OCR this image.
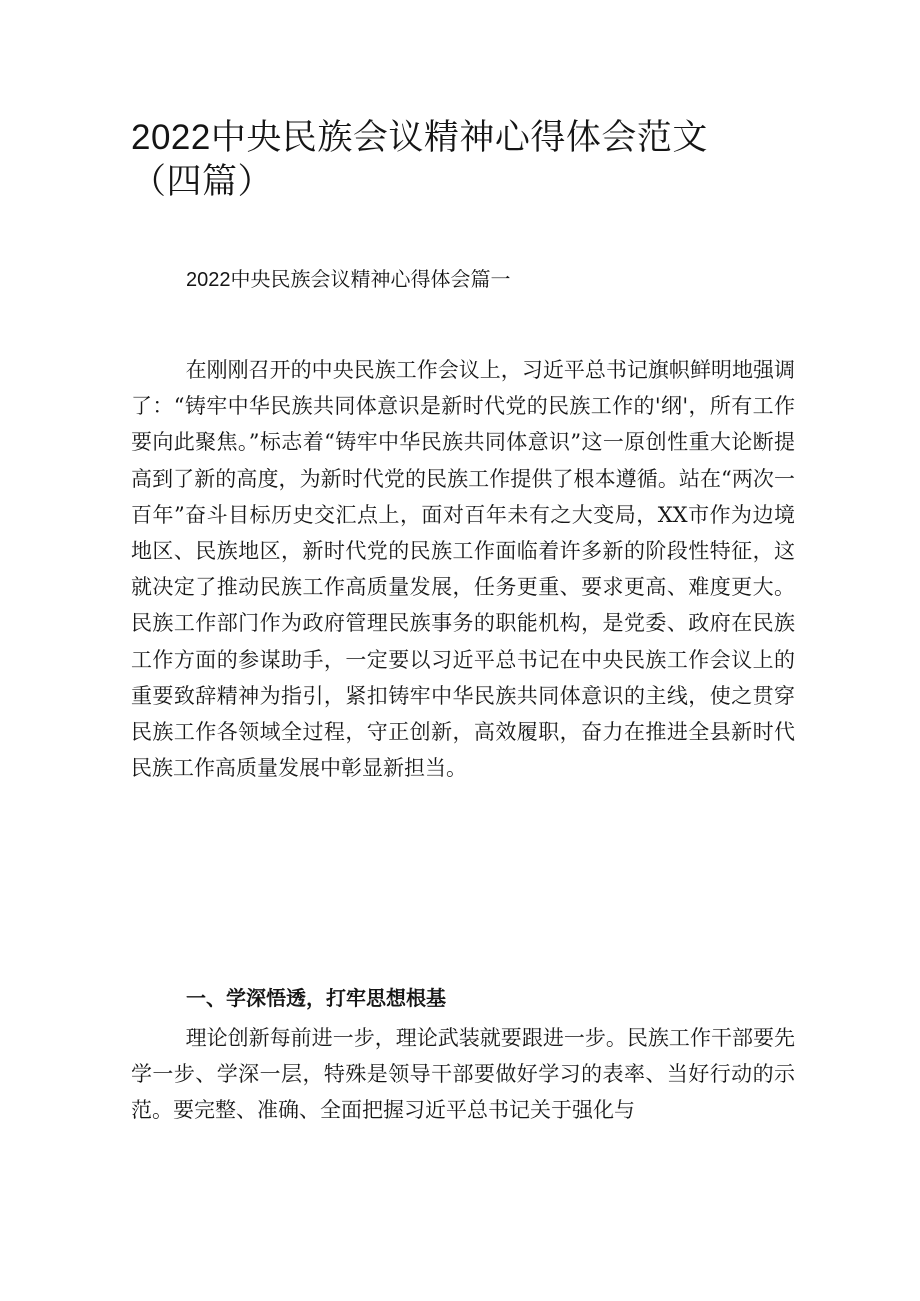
2022中央民族会议精神心得体会范文（四篇）
2022中央民族会议精神心得体会篇一

在刚刚召开的中央民族工作会议上，习近平总书记旗帜鲜明地强调了：“铸牢中华民族共同体意识是新时代党的民族工作的'纲'，所有工作要向此聚焦。”标志着“铸牢中华民族共同体意识”这一原创性重大论断提高到了新的高度，为新时代党的民族工作提供了根本遵循。站在“两次一百年”奋斗目标历史交汇点上，面对百年未有之大变局，XX市作为边境地区、民族地区，新时代党的民族工作面临着许多新的阶段性特征，这就决定了推动民族工作高质量发展，任务更重、要求更高、难度更大。民族工作部门作为政府管理民族事务的职能机构，是党委、政府在民族工作方面的参谋助手，一定要以习近平总书记在中央民族工作会议上的重要致辞精神为指引，紧扣铸牢中华民族共同体意识的主线，使之贯穿民族工作各领域全过程，守正创新，高效履职，奋力在推进全县新时代民族工作高质量发展中彰显新担当。

一、学深悟透，打牢思想根基

理论创新每前进一步，理论武装就要跟进一步。民族工作干部要先学一步、学深一层，特殊是领导干部要做好学习的表率、当好行动的示范。要完整、准确、全面把握习近平总书记关于强化与
